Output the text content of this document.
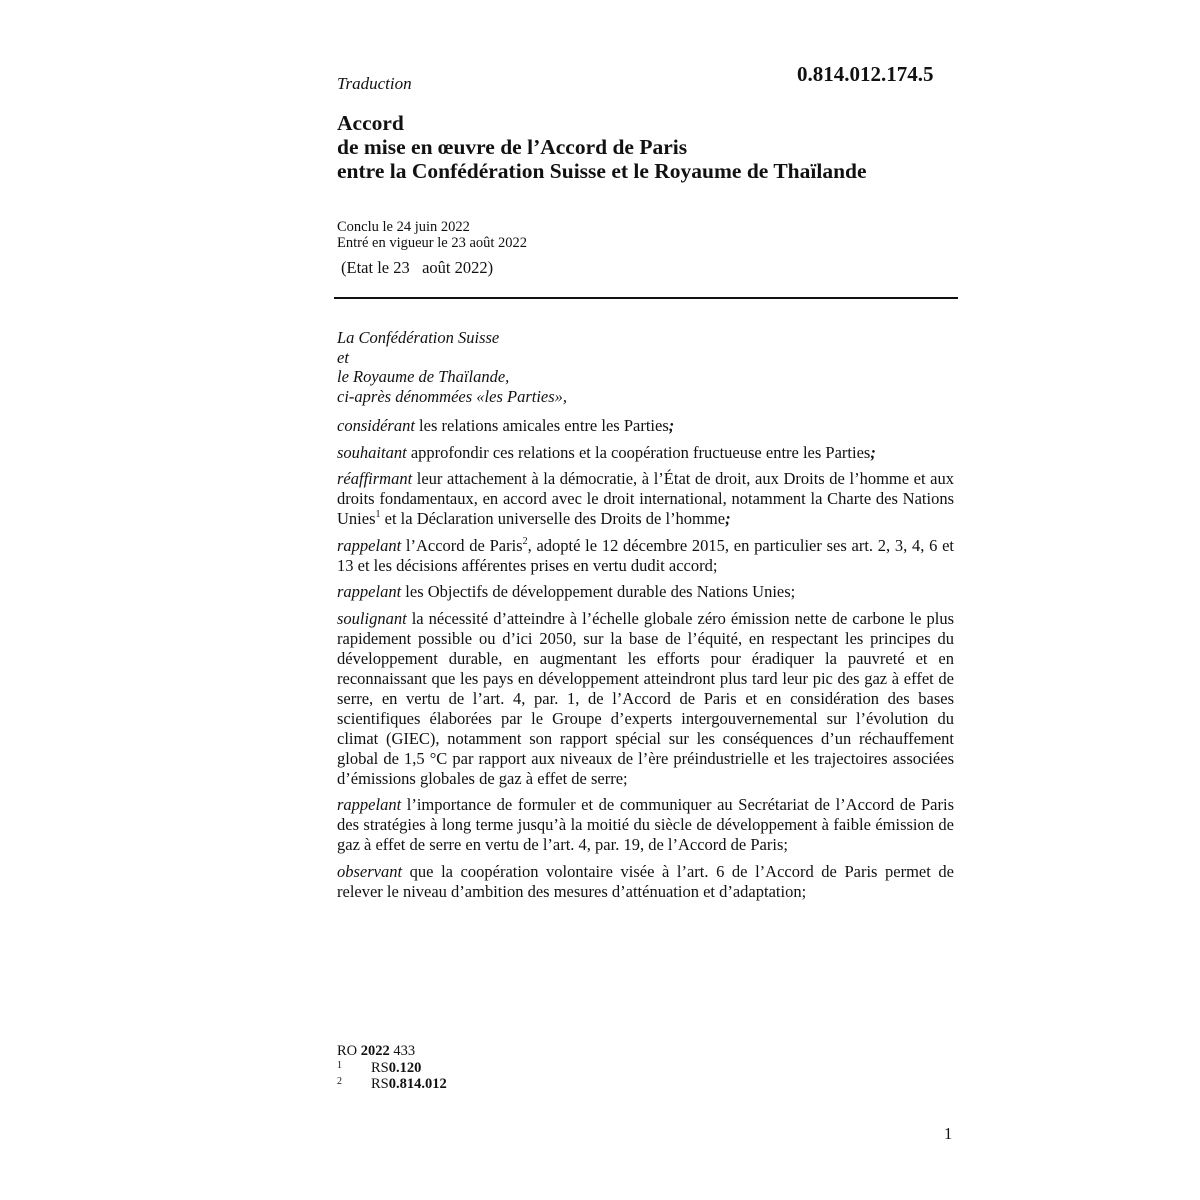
0.814.012.174.5
Traduction
Accord
de mise en œuvre de l’Accord de Paris
entre la Confédération Suisse et le Royaume de Thaïlande
Conclu le 24 juin 2022
Entré en vigueur le 23 août 2022
(Etat le 23   août 2022)
La Confédération Suisse
et
le Royaume de Thaïlande,
ci-après dénommées «les Parties»,

considérant les relations amicales entre les Parties;

souhaitant approfondir ces relations et la coopération fructueuse entre les Parties;

réaffirmant leur attachement à la démocratie, à l’État de droit, aux Droits de l’homme et aux droits fondamentaux, en accord avec le droit international, notamment la Charte des Nations Unies$^1$ et la Déclaration universelle des Droits de l’homme;

rappelant l’Accord de Paris$^2$, adopté le 12 décembre 2015, en particulier ses art. 2, 3, 4, 6 et 13 et les décisions afférentes prises en vertu dudit accord;

rappelant les Objectifs de développement durable des Nations Unies;

soulignant la nécessité d’atteindre à l’échelle globale zéro émission nette de carbone le plus rapidement possible ou d’ici 2050, sur la base de l’équité, en respectant les principes du développement durable, en augmentant les efforts pour éradiquer la pauvreté et en reconnaissant que les pays en développement atteindront plus tard leur pic des gaz à effet de serre, en vertu de l’art. 4, par. 1, de l’Accord de Paris et en considération des bases scientifiques élaborées par le Groupe d’experts intergouvernemental sur l’évolution du climat (GIEC), notamment son rapport spécial sur les conséquences d’un réchauffement global de 1,5 °C par rapport aux niveaux de l’ère préindustrielle et les trajectoires associées d’émissions globales de gaz à effet de serre;

rappelant l’importance de formuler et de communiquer au Secrétariat de l’Accord de Paris des stratégies à long terme jusqu’à la moitié du siècle de développement à faible émission de gaz à effet de serre en vertu de l’art. 4, par. 19, de l’Accord de Paris;

observant que la coopération volontaire visée à l’art. 6 de l’Accord de Paris permet de relever le niveau d’ambition des mesures d’atténuation et d’adaptation;

RO 2022 433
1	RS 0.120
2	RS 0.814.012
1
